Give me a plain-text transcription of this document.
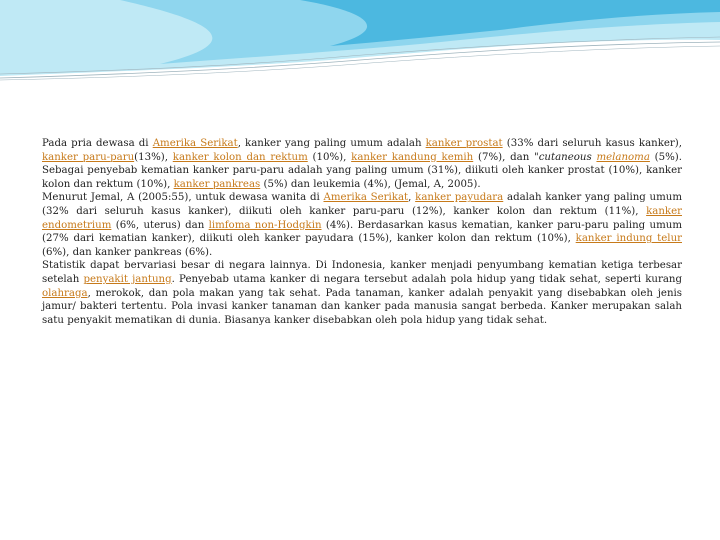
Pada pria dewasa di Amerika Serikat, kanker yang paling umum adalah kanker prostat (33% dari seluruh kasus kanker), kanker paru-paru(13%), kanker kolon dan rektum (10%), kanker kandung kemih (7%), dan "cutaneous melanoma (5%). Sebagai penyebab kematian kanker paru-paru adalah yang paling umum (31%), diikuti oleh kanker prostat (10%), kanker kolon dan rektum (10%), kanker pankreas (5%) dan leukemia (4%), (Jemal, A, 2005).

Menurut Jemal, A (2005:55), untuk dewasa wanita di Amerika Serikat, kanker payudara adalah kanker yang paling umum (32% dari seluruh kasus kanker), diikuti oleh kanker paru-paru (12%), kanker kolon dan rektum (11%), kanker endometrium (6%, uterus) dan limfoma non-Hodgkin (4%). Berdasarkan kasus kematian, kanker paru-paru paling umum (27% dari kematian kanker), diikuti oleh kanker payudara (15%), kanker kolon dan rektum (10%), kanker indung telur (6%), dan kanker pankreas (6%).

Statistik dapat bervariasi besar di negara lainnya. Di Indonesia, kanker menjadi penyumbang kematian ketiga terbesar setelah penyakit jantung. Penyebab utama kanker di negara tersebut adalah pola hidup yang tidak sehat, seperti kurang olahraga, merokok, dan pola makan yang tak sehat. Pada tanaman, kanker adalah penyakit yang disebabkan oleh jenis jamur/ bakteri tertentu. Pola invasi kanker tanaman dan kanker pada manusia sangat berbeda. Kanker merupakan salah satu penyakit mematikan di dunia. Biasanya kanker disebabkan oleh pola hidup yang tidak sehat.
